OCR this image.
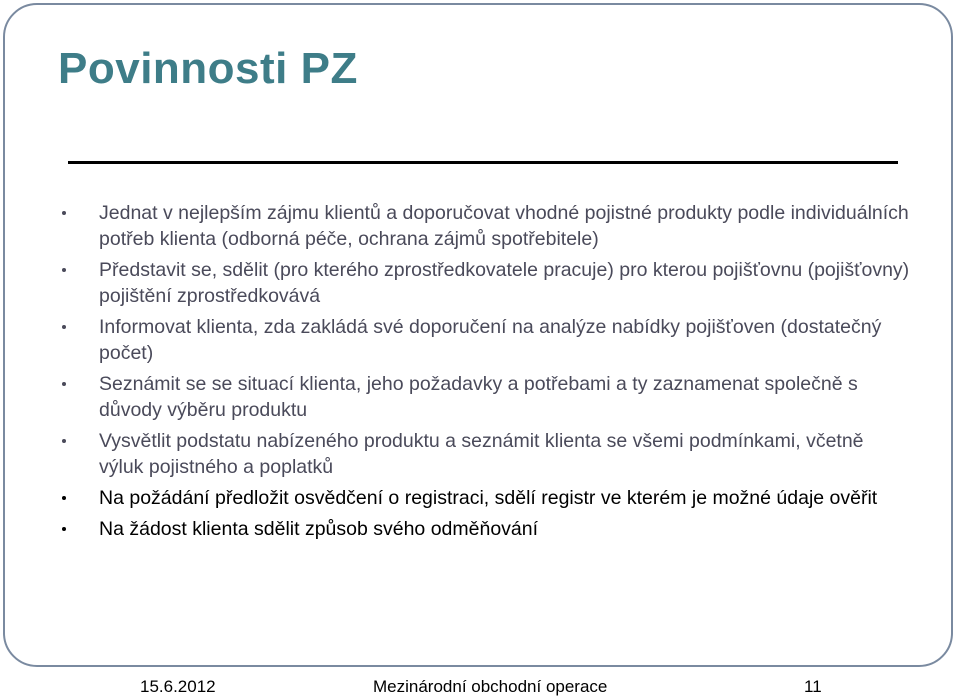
Povinnosti PZ
Jednat v nejlepším zájmu klientů a doporučovat vhodné pojistné produkty podle individuálních potřeb klienta (odborná péče, ochrana zájmů spotřebitele)
Představit se, sdělit (pro kterého zprostředkovatele pracuje) pro kterou pojišťovnu (pojišťovny) pojištění zprostředkovává
Informovat klienta, zda zakládá své doporučení na analýze nabídky pojišťoven (dostatečný počet)
Seznámit se se situací klienta, jeho požadavky a potřebami a ty zaznamenat společně s důvody výběru produktu
Vysvětlit podstatu nabízeného produktu a seznámit klienta se všemi podmínkami, včetně výluk pojistného a poplatků
Na požádání předložit osvědčení o registraci, sdělí registr ve kterém je možné údaje ověřit
Na žádost klienta sdělit způsob svého odměňování
15.6.2012	Mezinárodní obchodní operace	11
